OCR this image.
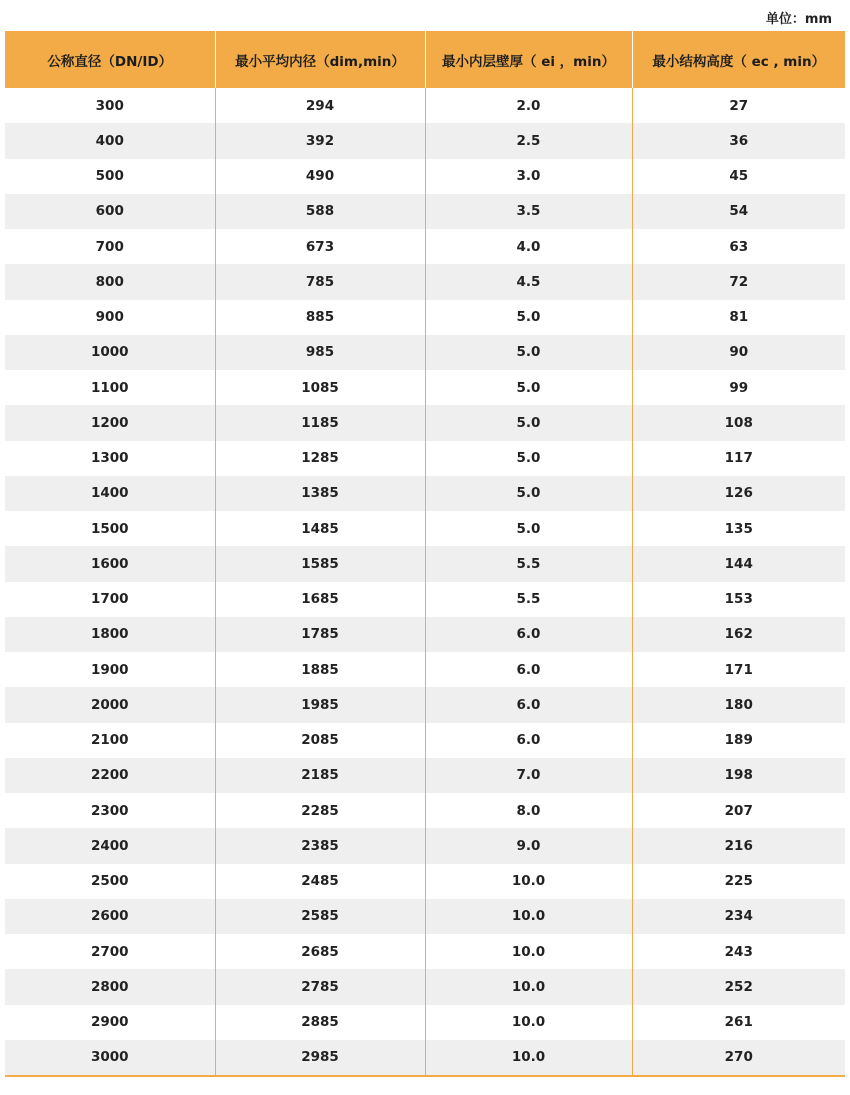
单位：mm
公称直径（DN/ID）	最小平均内径（dim,min）	最小内层壁厚（ ei ，min）	最小结构高度（ ec , min）
300	294	2.0	27
400	392	2.5	36
500	490	3.0	45
600	588	3.5	54
700	673	4.0	63
800	785	4.5	72
900	885	5.0	81
1000	985	5.0	90
1100	1085	5.0	99
1200	1185	5.0	108
1300	1285	5.0	117
1400	1385	5.0	126
1500	1485	5.0	135
1600	1585	5.5	144
1700	1685	5.5	153
1800	1785	6.0	162
1900	1885	6.0	171
2000	1985	6.0	180
2100	2085	6.0	189
2200	2185	7.0	198
2300	2285	8.0	207
2400	2385	9.0	216
2500	2485	10.0	225
2600	2585	10.0	234
2700	2685	10.0	243
2800	2785	10.0	252
2900	2885	10.0	261
3000	2985	10.0	270
